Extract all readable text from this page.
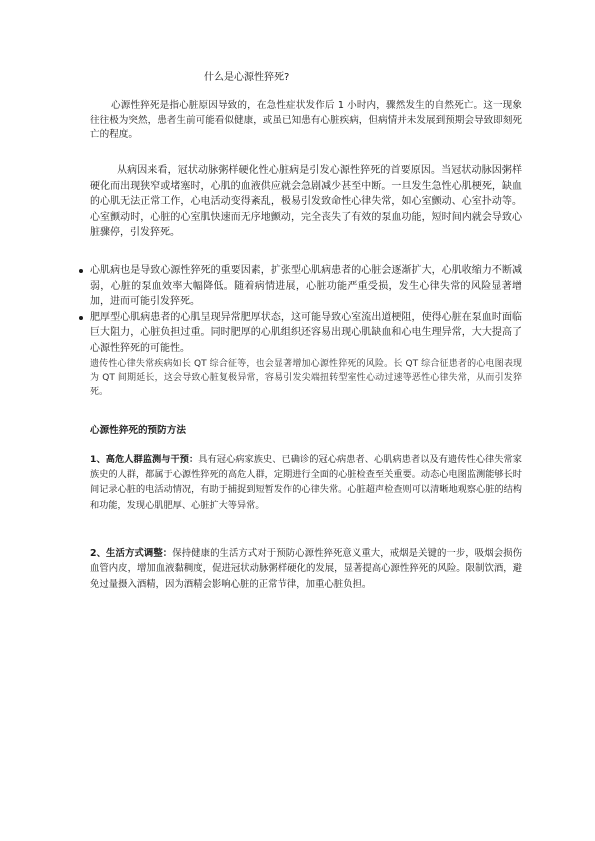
什么是心源性猝死?

心源性猝死是指心脏原因导致的，在急性症状发作后 1 小时内，骤然发生的自然死亡。这一现象往往极为突然，患者生前可能看似健康，或虽已知患有心脏疾病，但病情并未发展到预期会导致即刻死亡的程度。

从病因来看，冠状动脉粥样硬化性心脏病是引发心源性猝死的首要原因。当冠状动脉因粥样硬化而出现狭窄或堵塞时，心肌的血液供应就会急剧减少甚至中断。一旦发生急性心肌梗死，缺血的心肌无法正常工作，心电活动变得紊乱，极易引发致命性心律失常，如心室颤动、心室扑动等。心室颤动时，心脏的心室肌快速而无序地颤动，完全丧失了有效的泵血功能，短时间内就会导致心脏骤停，引发猝死。

心肌病也是导致心源性猝死的重要因素，扩张型心肌病患者的心脏会逐渐扩大，心肌收缩力不断减弱，心脏的泵血效率大幅降低。随着病情进展，心脏功能严重受损，发生心律失常的风险显著增加，进而可能引发猝死。
肥厚型心肌病患者的心肌呈现异常肥厚状态，这可能导致心室流出道梗阻，使得心脏在泵血时面临巨大阻力，心脏负担过重。同时肥厚的心肌组织还容易出现心肌缺血和心电生理异常，大大提高了心源性猝死的可能性。

遗传性心律失常疾病如长 QT 综合征等，也会显著增加心源性猝死的风险。长 QT 综合征患者的心电图表现为 QT 间期延长，这会导致心脏复极异常，容易引发尖端扭转型室性心动过速等恶性心律失常，从而引发猝死。

心源性猝死的预防方法

1、高危人群监测与干预：具有冠心病家族史、已确诊的冠心病患者、心肌病患者以及有遗传性心律失常家族史的人群，都属于心源性猝死的高危人群，定期进行全面的心脏检查至关重要。动态心电图监测能够长时间记录心脏的电活动情况，有助于捕捉到短暂发作的心律失常。心脏超声检查则可以清晰地观察心脏的结构和功能，发现心肌肥厚、心脏扩大等异常。

2、生活方式调整：保持健康的生活方式对于预防心源性猝死意义重大，戒烟是关键的一步，吸烟会损伤血管内皮，增加血液黏稠度，促进冠状动脉粥样硬化的发展，显著提高心源性猝死的风险。限制饮酒，避免过量摄入酒精，因为酒精会影响心脏的正常节律，加重心脏负担。
